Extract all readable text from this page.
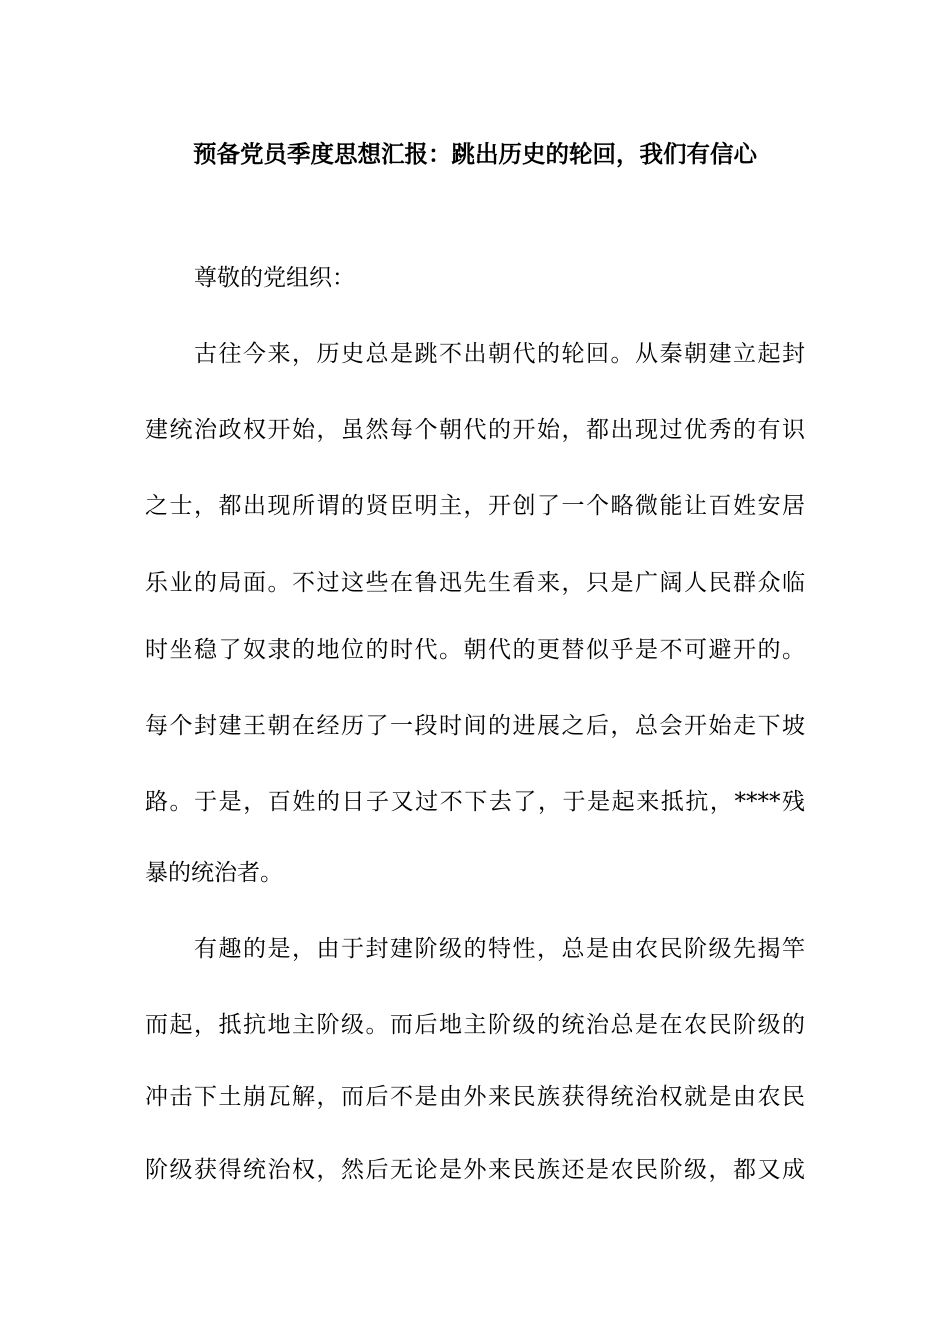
预备党员季度思想汇报：跳出历史的轮回，我们有信心
尊敬的党组织：
古往今来，历史总是跳不出朝代的轮回。从秦朝建立起封
建统治政权开始，虽然每个朝代的开始，都出现过优秀的有识
之士，都出现所谓的贤臣明主，开创了一个略微能让百姓安居
乐业的局面。不过这些在鲁迅先生看来，只是广阔人民群众临
时坐稳了奴隶的地位的时代。朝代的更替似乎是不可避开的。
每个封建王朝在经历了一段时间的进展之后，总会开始走下坡
路。于是，百姓的日子又过不下去了，于是起来抵抗，****残
暴的统治者。
有趣的是，由于封建阶级的特性，总是由农民阶级先揭竿
而起，抵抗地主阶级。而后地主阶级的统治总是在农民阶级的
冲击下土崩瓦解，而后不是由外来民族获得统治权就是由农民
阶级获得统治权，然后无论是外来民族还是农民阶级，都又成
